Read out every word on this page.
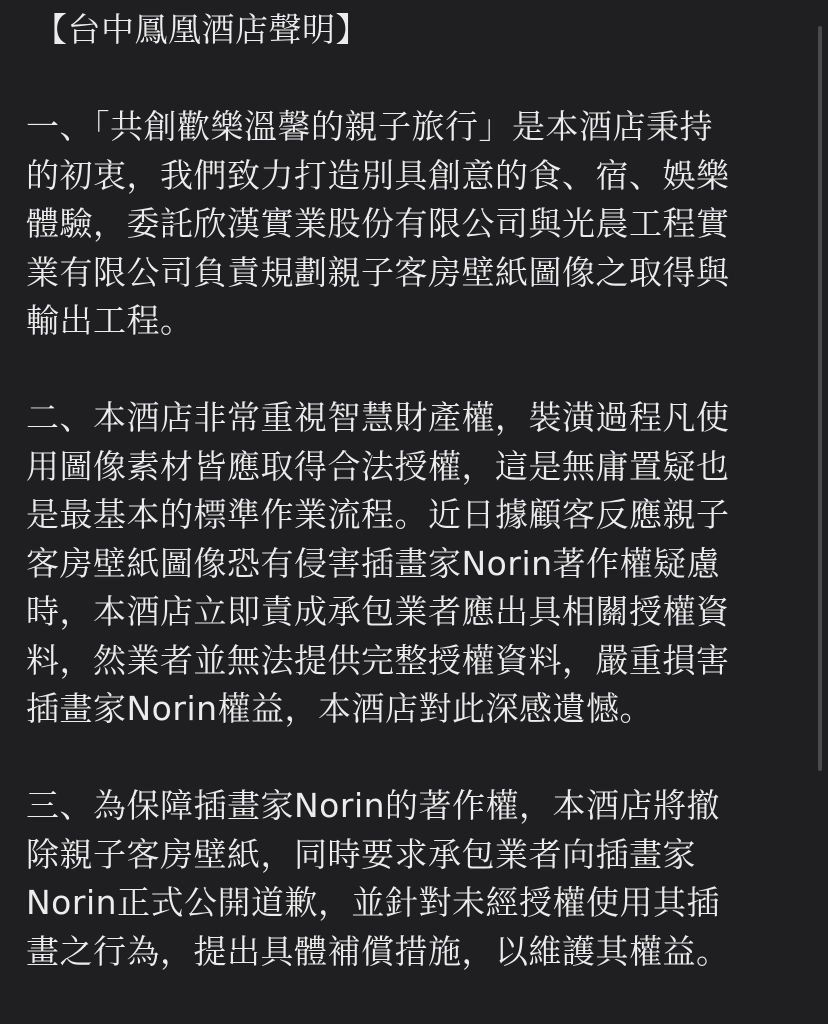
【台中鳳凰酒店聲明】
一、「共創歡樂溫馨的親子旅行」是本酒店秉持
的初衷，我們致力打造別具創意的食、宿、娛樂
體驗，委託欣漢實業股份有限公司與光晨工程實
業有限公司負責規劃親子客房壁紙圖像之取得與
輸出工程。
二、本酒店非常重視智慧財產權，裝潢過程凡使
用圖像素材皆應取得合法授權，這是無庸置疑也
是最基本的標準作業流程。近日據顧客反應親子
客房壁紙圖像恐有侵害插畫家Norin著作權疑慮
時，本酒店立即責成承包業者應出具相關授權資
料，然業者並無法提供完整授權資料，嚴重損害
插畫家Norin權益，本酒店對此深感遺憾。
三、為保障插畫家Norin的著作權，本酒店將撤
除親子客房壁紙，同時要求承包業者向插畫家
Norin正式公開道歉，並針對未經授權使用其插
畫之行為，提出具體補償措施，以維護其權益。
